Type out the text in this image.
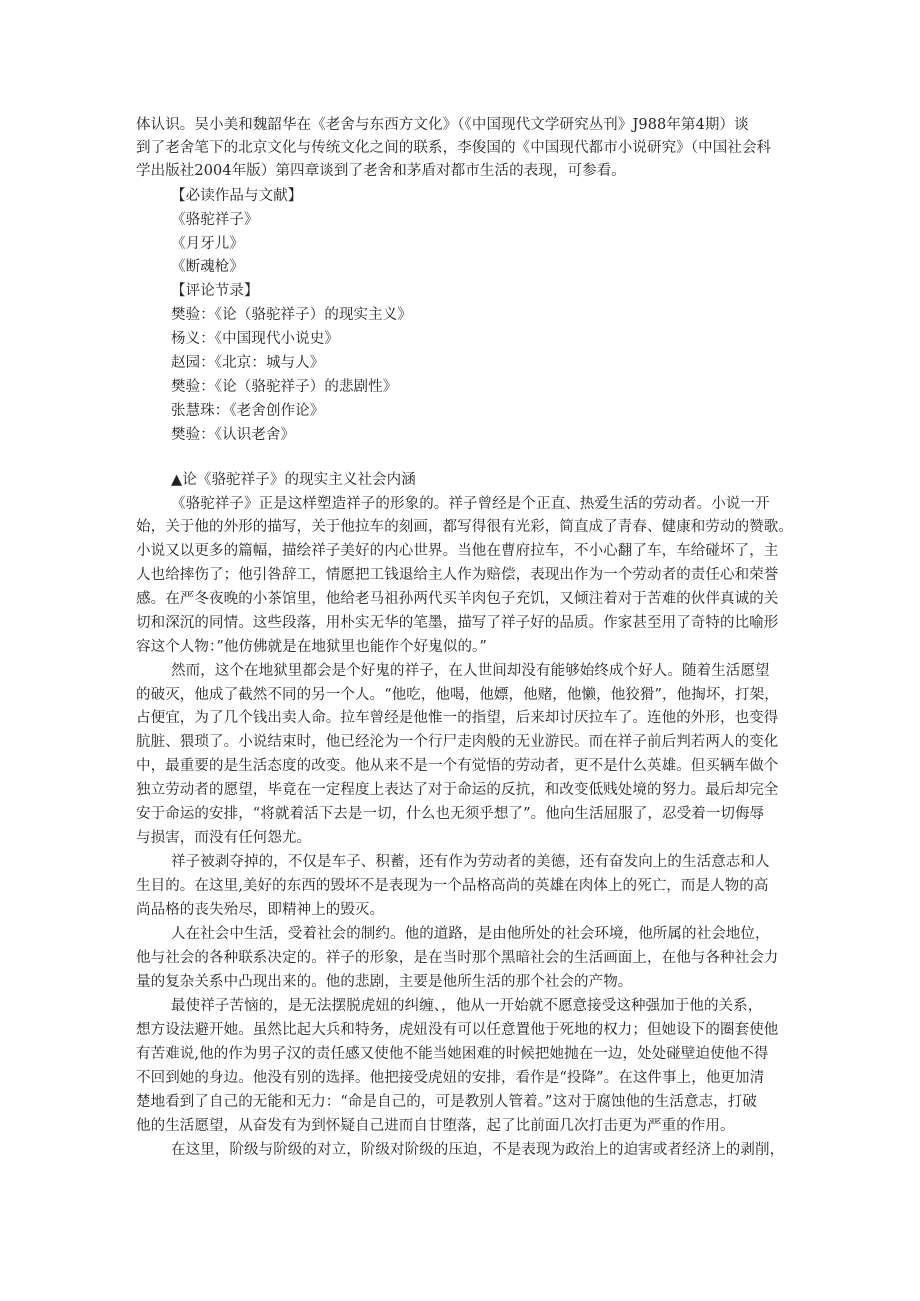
体认识。吴小美和魏韶华在《老舍与东西方文化》（《中国现代文学研究丛刊》J988年第4期）谈
到了老舍笔下的北京文化与传统文化之间的联系，李俊国的《中国现代都市小说研究》（中国社会科
学出版社2004年版）第四章谈到了老舍和茅盾对都市生活的表现，可参看。
【必读作品与文献】
《骆驼祥子》
《月牙儿》
《断魂枪》
【评论节录】
樊验：《论（骆驼祥子）的现实主义》
杨义：《中国现代小说史》
赵园：《北京：城与人》
樊验：《论（骆驼祥子）的悲剧性》
张慧珠：《老舍创作论》
樊验：《认识老舍》
▲论《骆驼祥子》的现实主义社会内涵
《骆驼祥子》正是这样塑造祥子的形象的。祥子曾经是个正直、热爱生活的劳动者。小说一开
始，关于他的外形的描写，关于他拉车的刻画，都写得很有光彩，简直成了青春、健康和劳动的赞歌。
小说又以更多的篇幅，描绘祥子美好的内心世界。当他在曹府拉车，不小心翻了车，车给碰坏了，主
人也给摔伤了；他引咎辞工，情愿把工钱退给主人作为赔偿，表现出作为一个劳动者的责任心和荣誉
感。在严冬夜晚的小茶馆里，他给老马祖孙两代买羊肉包子充饥，又倾注着对于苦难的伙伴真诚的关
切和深沉的同情。这些段落，用朴实无华的笔墨，描写了祥子好的品质。作家甚至用了奇特的比喻形
容这个人物：”他仿佛就是在地狱里也能作个好鬼似的。”
然而，这个在地狱里都会是个好鬼的祥子，在人世间却没有能够始终成个好人。随着生活愿望
的破灭，他成了截然不同的另一个人。“他吃，他喝，他嫖，他赌，他懒，他狡猾”，他掏坏，打架，
占便宜，为了几个钱出卖人命。拉车曾经是他惟一的指望，后来却讨厌拉车了。连他的外形，也变得
肮脏、猥琐了。小说结束时，他已经沦为一个行尸走肉般的无业游民。而在祥子前后判若两人的变化
中，最重要的是生活态度的改变。他从来不是一个有觉悟的劳动者，更不是什么英雄。但买辆车做个
独立劳动者的愿望，毕竟在一定程度上表达了对于命运的反抗，和改变低贱处境的努力。最后却完全
安于命运的安排，“将就着活下去是一切，什么也无须乎想了”。他向生活屈服了，忍受着一切侮辱
与损害，而没有任何怨尤。
祥子被剥夺掉的，不仅是车子、积蓄，还有作为劳动者的美德，还有奋发向上的生活意志和人
生目的。在这里,美好的东西的毁坏不是表现为一个品格高尚的英雄在肉体上的死亡，而是人物的高
尚品格的丧失殆尽，即精神上的毁灭。
人在社会中生活，受着社会的制约。他的道路，是由他所处的社会环境，他所属的社会地位，
他与社会的各种联系决定的。祥子的形象，是在当时那个黑暗社会的生活画面上，在他与各种社会力
量的复杂关系中凸现出来的。他的悲剧，主要是他所生活的那个社会的产物。
最使祥子苦恼的，是无法摆脱虎妞的纠缠、，他从一开始就不愿意接受这种强加于他的关系，
想方设法避开她。虽然比起大兵和特务，虎妞没有可以任意置他于死地的权力；但她设下的圈套使他
有苦难说,他的作为男子汉的责任感又使他不能当她困难的时候把她抛在一边，处处碰壁迫使他不得
不回到她的身边。他没有别的选择。他把接受虎妞的安排，看作是“投降”。在这件事上，他更加清
楚地看到了自己的无能和无力：“命是自己的，可是教别人管着。”这对于腐蚀他的生活意志，打破
他的生活愿望，从奋发有为到怀疑自己进而自甘堕落，起了比前面几次打击更为严重的作用。
在这里，阶级与阶级的对立，阶级对阶级的压迫，不是表现为政治上的迫害或者经济上的剥削，
